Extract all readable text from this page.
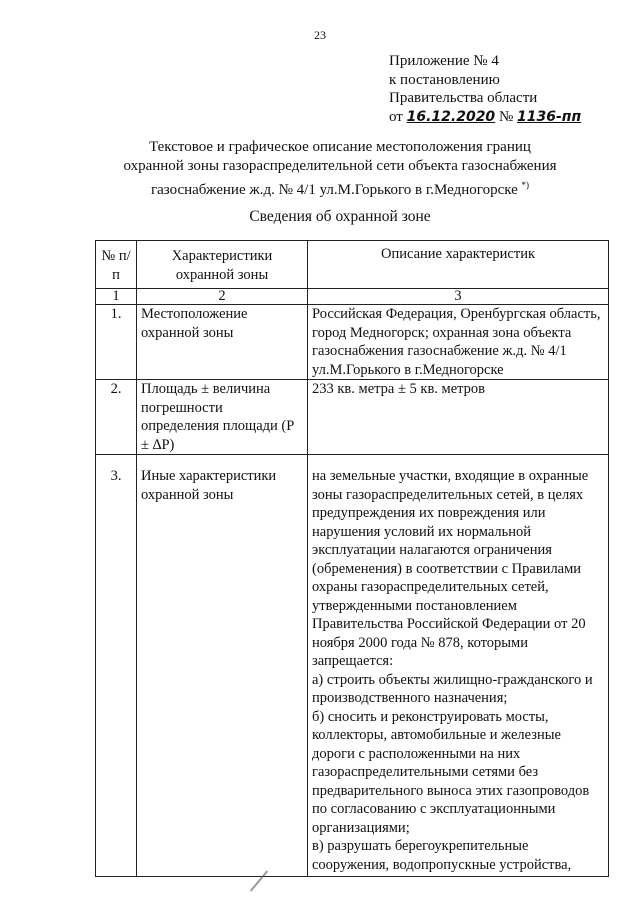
23
Приложение № 4
к постановлению
Правительства области
от 16.12.2020 № 1136-пп
Текстовое и графическое описание местоположения границ
охранной зоны газораспределительной сети объекта газоснабжения
газоснабжение ж.д. № 4/1 ул.М.Горького в г.Медногорске *)
Сведения об охранной зоне
№ п/п	Характеристики охранной зоны	Описание характеристик
1	2	3
1.	Местоположение охранной зоны	Российская Федерация, Оренбургская область, город Медногорск; охранная зона объекта газоснабжения газоснабжение ж.д. № 4/1 ул.М.Горького в г.Медногорске
2.	Площадь ± величина погрешности определения площади (P ± ∆P)	233 кв. метра ± 5 кв. метров
3.	Иные характеристики охранной зоны	на земельные участки, входящие в охранные зоны газораспределительных сетей, в целях предупреждения их повреждения или нарушения условий их нормальной эксплуатации налагаются ограничения (обременения) в соответствии с Правилами охраны газораспределительных сетей, утвержденными постановлением Правительства Российской Федерации от 20 ноября 2000 года № 878, которыми запрещается:
а) строить объекты жилищно-гражданского и производственного назначения;
б) сносить и реконструировать мосты, коллекторы, автомобильные и железные дороги с расположенными на них газораспределительными сетями без предварительного выноса этих газопроводов по согласованию с эксплуатационными организациями;
в) разрушать берегоукрепительные сооружения, водопропускные устройства,
